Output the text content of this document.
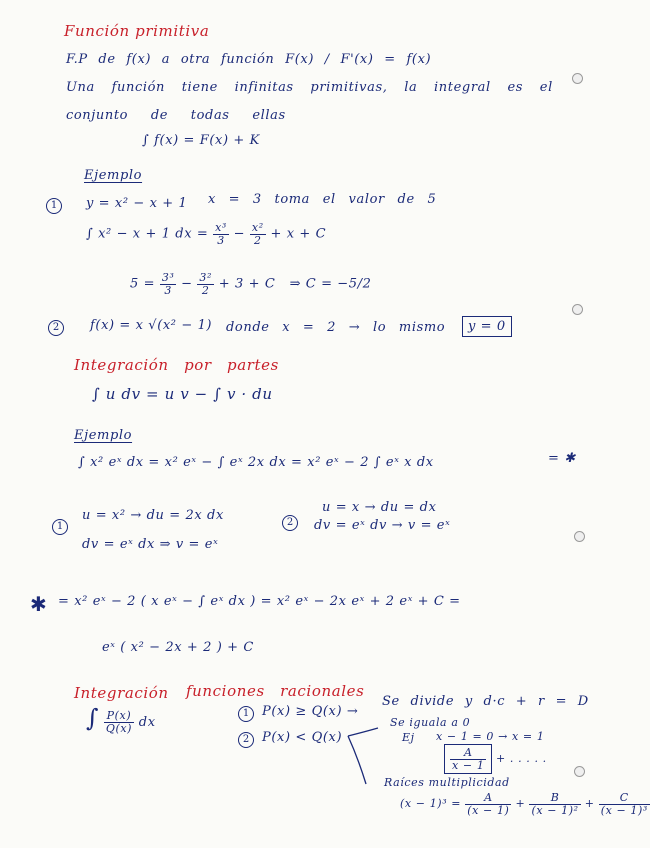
Función primitiva
F.P de f(x) a otra función F(x) / F'(x) = f(x)
Una función tiene infinitas primitivas, la integral es el
conjunto de todas ellas
∫ f(x) = F(x) + K
Ejemplo
1	y = x² − x + 1 x = 3 toma el valor de 5
∫ x² − x + 1 dx = $\frac{\text{x³}}{3} - \frac{\text{x²}}{2} + x + C$
$5 = \frac{\text{3³}}{3} - \frac{\text{3²}}{2} + 3 + C$ ⇒ C = −5/2
2	f(x) = x √(x² − 1) donde x = 2 → lo mismo	y = 0
Integración por partes
∫ u dv = u v − ∫ v · du
Ejemplo
∫ x² eˣ dx = x² eˣ − ∫ eˣ 2x dx = x² eˣ − 2 ∫ eˣ x dx	= ✱
1
u = x² → du = 2x dx
dv = eˣ dx ⇒ v = eˣ
2
u = x → du = dx
dv = eˣ dv → v = eˣ
✱ = x² eˣ − 2 ( x eˣ − ∫ eˣ dx ) = x² eˣ − 2x eˣ + 2 eˣ + C =
eˣ ( x² − 2x + 2 ) + C
Integración funciones racionales
∫ $\frac{P(x)}{Q(x)}$ dx
1 P(x) ≥ Q(x) →
Se divide y d·c + r = D
2 P(x) < Q(x)
Se iguala a 0
Ej x − 1 = 0 → x = 1
$\frac{A}{x - 1}$ + . . . . .
Raíces multiplicidad
$(x - 1)^3 = \frac{A}{(x - 1)} + \frac{B}{\text{(x − 1)²}} + \frac{C}{\text{(x − 1)³}}$
